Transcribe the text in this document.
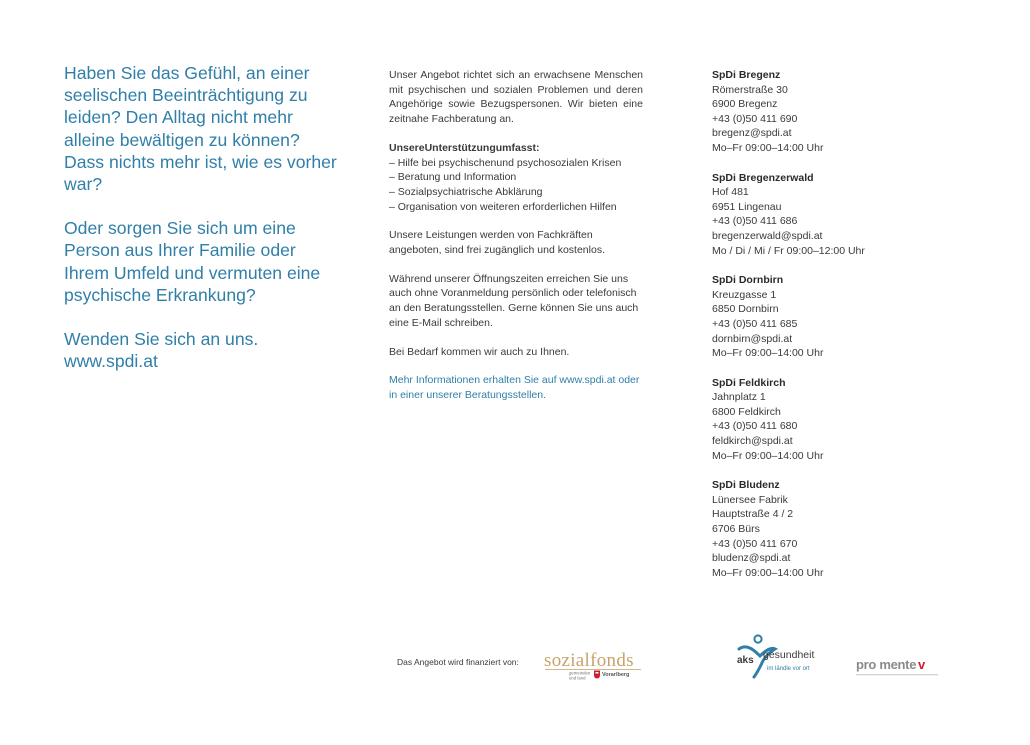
Haben Sie das Gefühl, an einer seelischen Beeinträchtigung zu leiden? Den Alltag nicht mehr alleine bewältigen zu können? Dass nichts mehr ist, wie es vorher war?

Oder sorgen Sie sich um eine Person aus Ihrer Familie oder Ihrem Umfeld und vermuten eine psychische Erkrankung?

Wenden Sie sich an uns.
www.spdi.at

Unser Angebot richtet sich an erwachsene Menschen mit psychischen und sozialen Problemen und deren Angehörige sowie Bezugspersonen. Wir bieten eine zeitnahe Fachberatung an.

UnsereUnterstützungumfasst:
– Hilfe bei psychischenund psychosozialen Krisen
– Beratung und Information
– Sozialpsychiatrische Abklärung
– Organisation von weiteren erforderlichen Hilfen

Unsere Leistungen werden von Fachkräften angeboten, sind frei zugänglich und kostenlos.

Während unserer Öffnungszeiten erreichen Sie uns auch ohne Voranmeldung persönlich oder telefonisch an den Beratungsstellen. Gerne können Sie uns auch eine E-Mail schreiben.

Bei Bedarf kommen wir auch zu Ihnen.

Mehr Informationen erhalten Sie auf www.spdi.at oder in einer unserer Beratungsstellen.

SpDi Bregenz
Römerstraße 30
6900 Bregenz
+43 (0)50 411 690
bregenz@spdi.at
Mo–Fr 09:00–14:00 Uhr
SpDi Bregenzerwald
Hof 481
6951 Lingenau
+43 (0)50 411 686
bregenzerwald@spdi.at
Mo / Di / Mi / Fr 09:00–12:00 Uhr
SpDi Dornbirn
Kreuzgasse 1
6850 Dornbirn
+43 (0)50 411 685
dornbirn@spdi.at
Mo–Fr 09:00–14:00 Uhr
SpDi Feldkirch
Jahnplatz 1
6800 Feldkirch
+43 (0)50 411 680
feldkirch@spdi.at
Mo–Fr 09:00–14:00 Uhr
SpDi Bludenz
Lünersee Fabrik
Hauptstraße 4 / 2
6706 Bürs
+43 (0)50 411 670
bludenz@spdi.at
Mo–Fr 09:00–14:00 Uhr
Das Angebot wird finanziert von: sozialfonds
gemeinden
und land	Vorarlberg
aks gesundheit
im ländle vor ort	pro mente v
